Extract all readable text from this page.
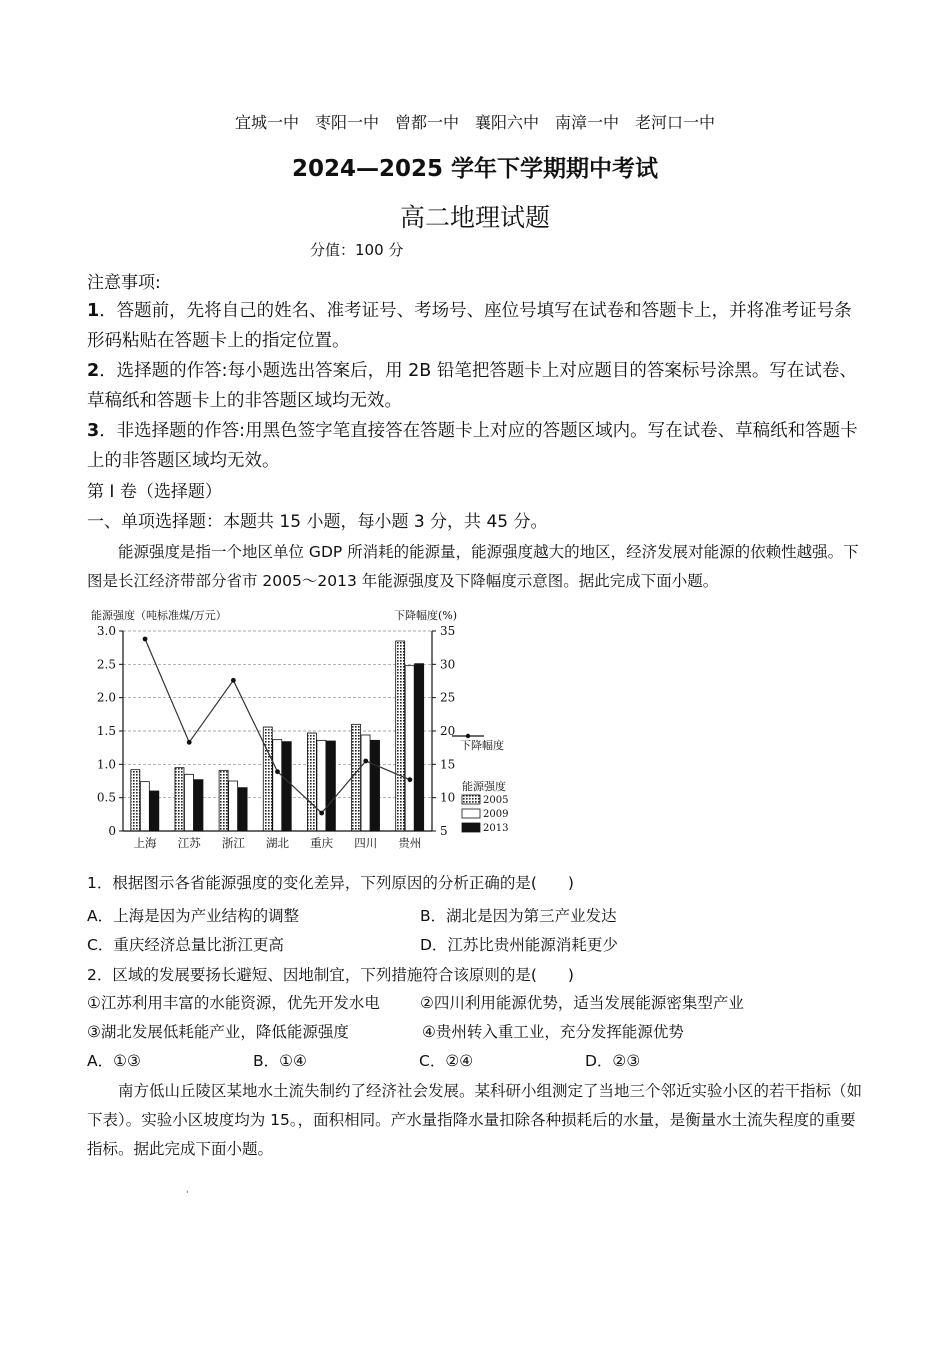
宜城一中　枣阳一中　曾都一中　襄阳六中　南漳一中　老河口一中
2024—2025 学年下学期期中考试
高二地理试题
分值：100 分
注意事项:
1．答题前，先将自己的姓名、准考证号、考场号、座位号填写在试卷和答题卡上，并将准考证号条形码粘贴在答题卡上的指定位置。
2．选择题的作答:每小题选出答案后，用 2B 铅笔把答题卡上对应题目的答案标号涂黑。写在试卷、草稿纸和答题卡上的非答题区域均无效。
3．非选择题的作答:用黑色签字笔直接答在答题卡上对应的答题区域内。写在试卷、草稿纸和答题卡上的非答题区域均无效。
第 I 卷（选择题）
一、单项选择题：本题共 15 小题，每小题 3 分，共 45 分。
能源强度是指一个地区单位 GDP 所消耗的能源量，能源强度越大的地区，经济发展对能源的依赖性越强。下图是长江经济带部分省市 2005～2013 年能源强度及下降幅度示意图。据此完成下面小题。
能源强度（吨标准煤/万元）	下降幅度(%)
0
0.5
1.0
1.5
2.0
2.5
3.0
5
10
15
20
25
30
35
上海 江苏 浙江 湖北 重庆 四川 贵州
下降幅度
能源强度
2005
2009
2013
1．根据图示各省能源强度的变化差异，下列原因的分析正确的是(　　)
A．上海是因为产业结构的调整	B．湖北是因为第三产业发达
C．重庆经济总量比浙江更高	D．江苏比贵州能源消耗更少
2．区域的发展要扬长避短、因地制宜，下列措施符合该原则的是(　　)
①江苏利用丰富的水能资源，优先开发水电	②四川利用能源优势，适当发展能源密集型产业
③湖北发展低耗能产业，降低能源强度	④贵州转入重工业，充分发挥能源优势
A．①③	B．①④	C．②④	D．②③
南方低山丘陵区某地水土流失制约了经济社会发展。某科研小组测定了当地三个邻近实验小区的若干指标（如下表）。实验小区坡度均为 15。，面积相同。产水量指降水量扣除各种损耗后的水量，是衡量水土流失程度的重要指标。据此完成下面小题。
'
